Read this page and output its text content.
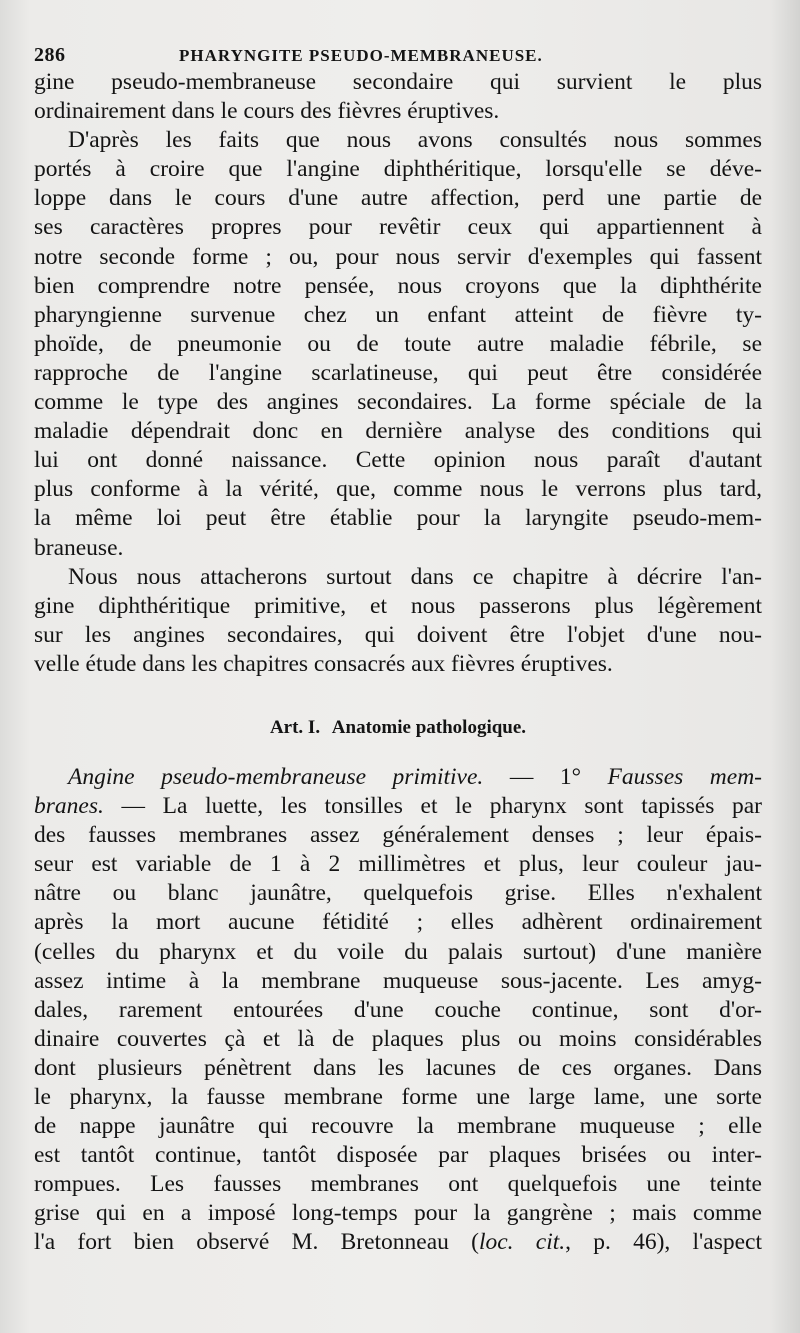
286	PHARYNGITE PSEUDO-MEMBRANEUSE.

gine pseudo-membraneuse secondaire qui survient le plus
ordinairement dans le cours des fièvres éruptives.

D'après les faits que nous avons consultés nous sommes
portés à croire que l'angine diphthéritique, lorsqu'elle se déve-
loppe dans le cours d'une autre affection, perd une partie de
ses caractères propres pour revêtir ceux qui appartiennent à
notre seconde forme ; ou, pour nous servir d'exemples qui fassent
bien comprendre notre pensée, nous croyons que la diphthérite
pharyngienne survenue chez un enfant atteint de fièvre ty-
phoïde, de pneumonie ou de toute autre maladie fébrile, se
rapproche de l'angine scarlatineuse, qui peut être considérée
comme le type des angines secondaires. La forme spéciale de la
maladie dépendrait donc en dernière analyse des conditions qui
lui ont donné naissance. Cette opinion nous paraît d'autant
plus conforme à la vérité, que, comme nous le verrons plus tard,
la même loi peut être établie pour la laryngite pseudo-mem-
braneuse.

Nous nous attacherons surtout dans ce chapitre à décrire l'an-
gine diphthéritique primitive, et nous passerons plus légèrement
sur les angines secondaires, qui doivent être l'objet d'une nou-
velle étude dans les chapitres consacrés aux fièvres éruptives.

Art. I. Anatomie pathologique.

Angine pseudo-membraneuse primitive. — 1° Fausses mem-
branes. — La luette, les tonsilles et le pharynx sont tapissés par
des fausses membranes assez généralement denses ; leur épais-
seur est variable de 1 à 2 millimètres et plus, leur couleur jau-
nâtre ou blanc jaunâtre, quelquefois grise. Elles n'exhalent
après la mort aucune fétidité ; elles adhèrent ordinairement
(celles du pharynx et du voile du palais surtout) d'une manière
assez intime à la membrane muqueuse sous-jacente. Les amyg-
dales, rarement entourées d'une couche continue, sont d'or-
dinaire couvertes çà et là de plaques plus ou moins considérables
dont plusieurs pénètrent dans les lacunes de ces organes. Dans
le pharynx, la fausse membrane forme une large lame, une sorte
de nappe jaunâtre qui recouvre la membrane muqueuse ; elle
est tantôt continue, tantôt disposée par plaques brisées ou inter-
rompues. Les fausses membranes ont quelquefois une teinte
grise qui en a imposé long-temps pour la gangrène ; mais comme
l'a fort bien observé M. Bretonneau (loc. cit., p. 46), l'aspect
